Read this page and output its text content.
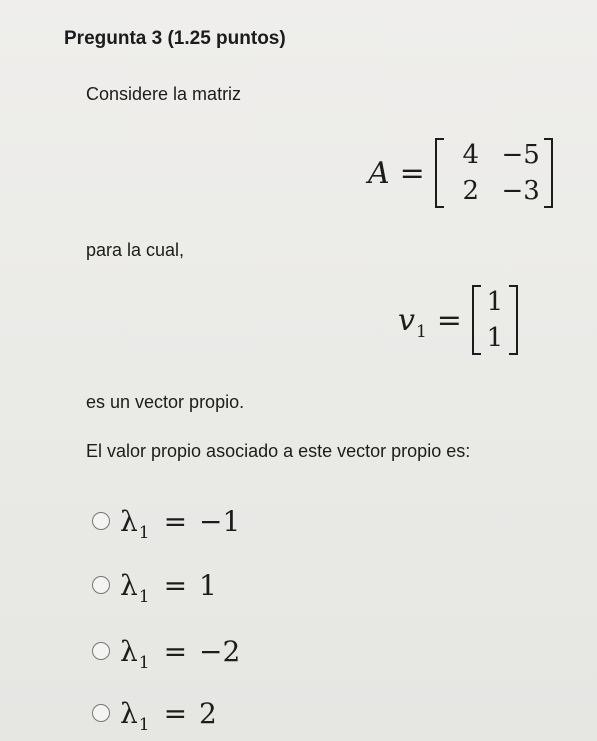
Pregunta 3 (1.25 puntos)
Considere la matriz
A =
4 −5
2 −3
para la cual,
$v_1$ =
1
1
es un vector propio.
El valor propio asociado a este vector propio es:
λ 1 = −1
λ 1 = 1
λ 1 = −2
λ 1 = 2
